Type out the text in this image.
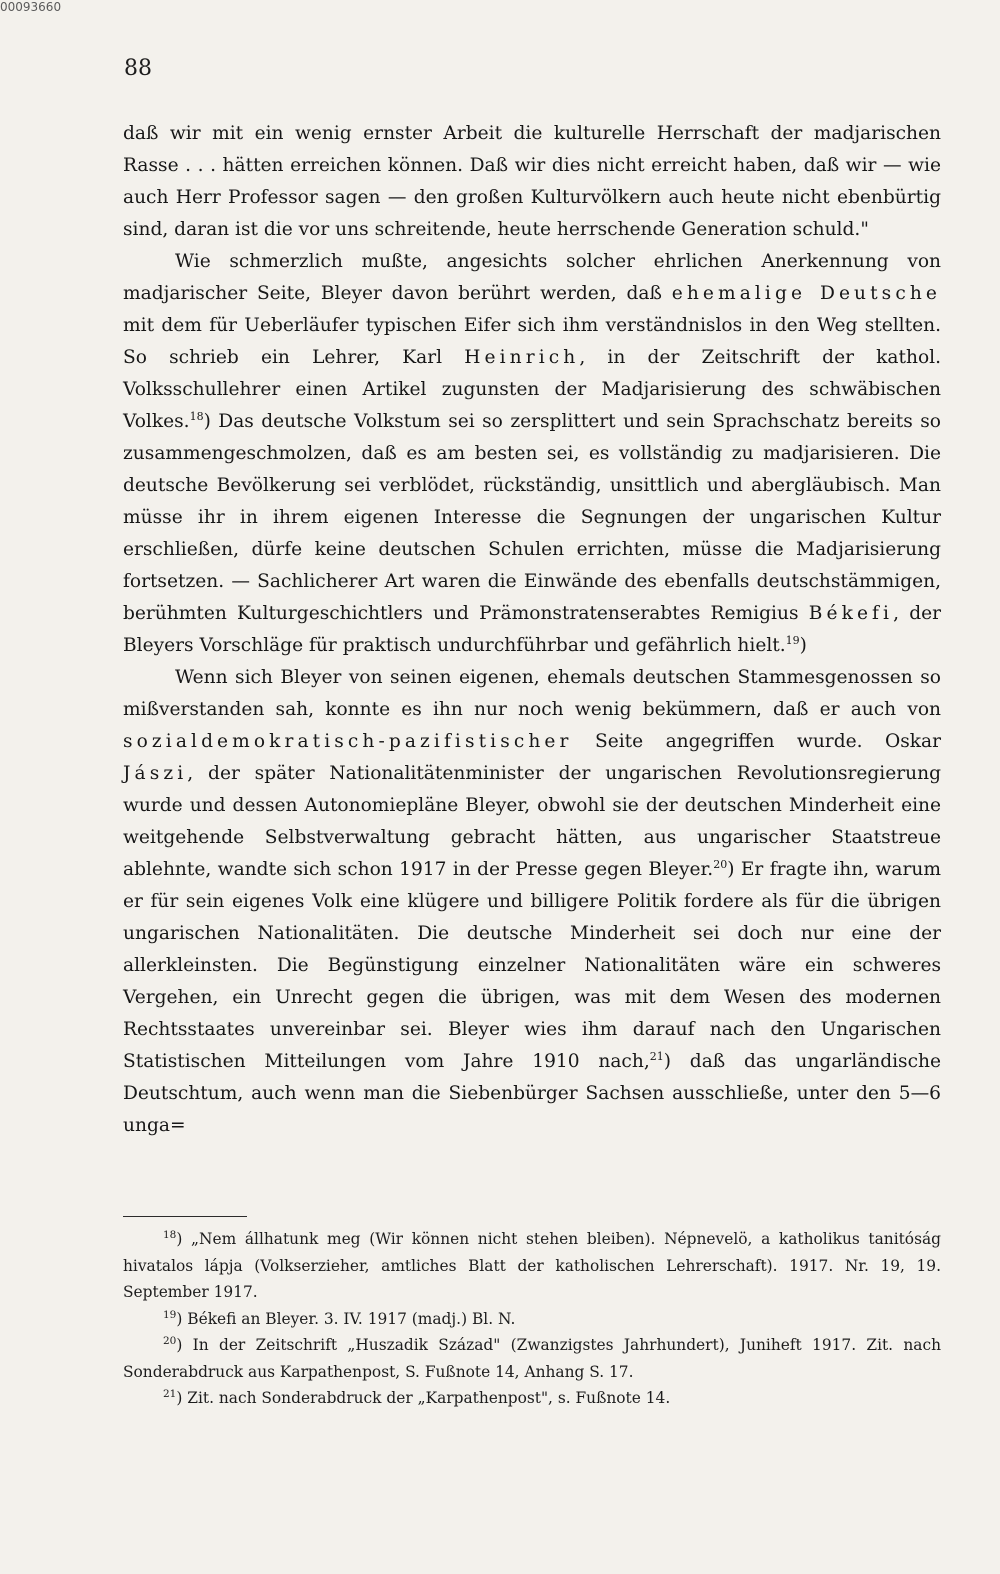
00093660
88

daß wir mit ein wenig ernster Arbeit die kulturelle Herrschaft der madjarischen Rasse . . . hätten erreichen können. Daß wir dies nicht erreicht haben, daß wir — wie auch Herr Professor sagen — den großen Kulturvölkern auch heute nicht ebenbürtig sind, daran ist die vor uns schreitende, heute herrschende Generation schuld."

Wie schmerzlich mußte, angesichts solcher ehrlichen Anerkennung von madjarischer Seite, Bleyer davon berührt werden, daß ehemalige Deutsche mit dem für Ueberläufer typischen Eifer sich ihm verständnislos in den Weg stellten. So schrieb ein Lehrer, Karl Heinrich, in der Zeitschrift der kathol. Volksschullehrer einen Artikel zugunsten der Madjarisierung des schwäbischen Volkes.$^{18}$) Das deutsche Volkstum sei so zersplittert und sein Sprachschatz bereits so zusammengeschmolzen, daß es am besten sei, es vollständig zu madjarisieren. Die deutsche Bevölkerung sei verblödet, rückständig, unsittlich und abergläubisch. Man müsse ihr in ihrem eigenen Interesse die Segnungen der ungarischen Kultur erschließen, dürfe keine deutschen Schulen errichten, müsse die Madjarisierung fortsetzen. — Sachlicherer Art waren die Einwände des ebenfalls deutschstämmigen, berühmten Kulturgeschichtlers und Prämonstratenserabtes Remigius Békefi, der Bleyers Vorschläge für praktisch undurchführbar und gefährlich hielt.$^{19}$)

Wenn sich Bleyer von seinen eigenen, ehemals deutschen Stammesgenossen so mißverstanden sah, konnte es ihn nur noch wenig bekümmern, daß er auch von sozialdemokratisch-pazifistischer Seite angegriffen wurde. Oskar Jászi, der später Nationalitätenminister der ungarischen Revolutionsregierung wurde und dessen Autonomiepläne Bleyer, obwohl sie der deutschen Minderheit eine weitgehende Selbstverwaltung gebracht hätten, aus ungarischer Staatstreue ablehnte, wandte sich schon 1917 in der Presse gegen Bleyer.$^{20}$) Er fragte ihn, warum er für sein eigenes Volk eine klügere und billigere Politik fordere als für die übrigen ungarischen Nationalitäten. Die deutsche Minderheit sei doch nur eine der allerkleinsten. Die Begünstigung einzelner Nationalitäten wäre ein schweres Vergehen, ein Unrecht gegen die übrigen, was mit dem Wesen des modernen Rechtsstaates unvereinbar sei. Bleyer wies ihm darauf nach den Ungarischen Statistischen Mitteilungen vom Jahre 1910 nach,$^{21}$) daß das ungarländische Deutschtum, auch wenn man die Siebenbürger Sachsen ausschließe, unter den 5—6 unga=

$^{18}$) „Nem állhatunk meg (Wir können nicht stehen bleiben). Népnevelö, a katholikus tanitóság hivatalos lápja (Volkserzieher, amtliches Blatt der katholischen Lehrerschaft). 1917. Nr. 19, 19. September 1917.

$^{19}$) Békefi an Bleyer. 3. IV. 1917 (madj.) Bl. N.

$^{20}$) In der Zeitschrift „Huszadik Század" (Zwanzigstes Jahrhundert), Juniheft 1917. Zit. nach Sonderabdruck aus Karpathenpost, S. Fußnote 14, Anhang S. 17.

$^{21}$) Zit. nach Sonderabdruck der „Karpathenpost", s. Fußnote 14.
